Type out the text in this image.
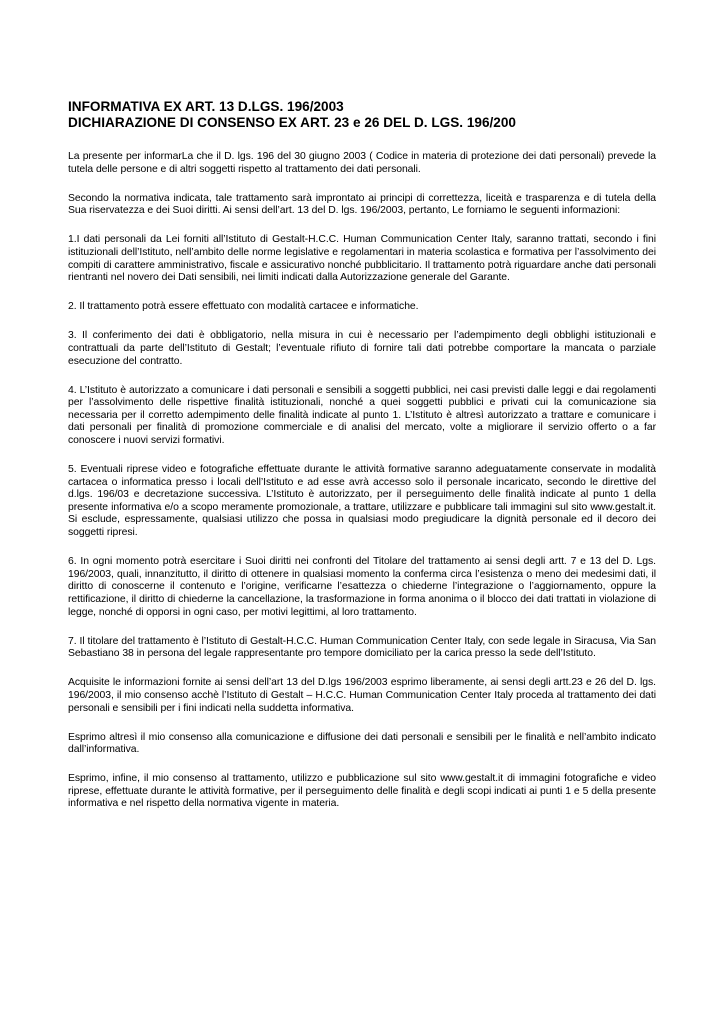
INFORMATIVA EX ART. 13 D.LGS. 196/2003
DICHIARAZIONE DI CONSENSO EX ART. 23 e 26 DEL D. LGS. 196/200

La presente per informarLa che il D. lgs. 196 del 30 giugno 2003 ( Codice in materia di protezione dei dati personali) prevede la tutela delle persone e di altri soggetti rispetto al trattamento dei dati personali.

Secondo la normativa indicata, tale trattamento sarà improntato ai principi di correttezza, liceità e trasparenza e di tutela della Sua riservatezza e dei Suoi diritti. Ai sensi dell’art. 13 del D. lgs. 196/2003, pertanto, Le forniamo le seguenti informazioni:

1.I dati personali da Lei forniti all’Istituto di Gestalt-H.C.C. Human Communication Center Italy, saranno trattati, secondo i fini istituzionali dell’Istituto, nell’ambito delle norme legislative e regolamentari in materia scolastica e formativa per l’assolvimento dei compiti di carattere amministrativo, fiscale e assicurativo nonché pubblicitario. Il trattamento potrà riguardare anche dati personali rientranti nel novero dei Dati sensibili, nei limiti indicati dalla Autorizzazione generale del Garante.

2. Il trattamento potrà essere effettuato con modalità cartacee e informatiche.

3. Il conferimento dei dati è obbligatorio, nella misura in cui è necessario per l’adempimento degli obblighi istituzionali e contrattuali da parte dell’Istituto di Gestalt; l’eventuale rifiuto di fornire tali dati potrebbe comportare la mancata o parziale esecuzione del contratto.

4. L’Istituto è autorizzato a comunicare i dati personali e sensibili a soggetti pubblici, nei casi previsti dalle leggi e dai regolamenti per l’assolvimento delle rispettive finalità istituzionali, nonché a quei soggetti pubblici e privati cui la comunicazione sia necessaria per il corretto adempimento delle finalità indicate al punto 1. L’Istituto è altresì autorizzato a trattare e comunicare i dati personali per finalità di promozione commerciale e di analisi del mercato, volte a migliorare il servizio offerto o a far conoscere i nuovi servizi formativi.

5. Eventuali riprese video e fotografiche effettuate durante le attività formative saranno adeguatamente conservate in modalità cartacea o informatica presso i locali dell’Istituto e ad esse avrà accesso solo il personale incaricato, secondo le direttive del d.lgs. 196/03 e decretazione successiva. L’Istituto è autorizzato, per il perseguimento delle finalità indicate al punto 1 della presente informativa e/o a scopo meramente promozionale, a trattare, utilizzare e pubblicare tali immagini sul sito www.gestalt.it. Si esclude, espressamente, qualsiasi utilizzo che possa in qualsiasi modo pregiudicare la dignità personale ed il decoro dei soggetti ripresi.

6. In ogni momento potrà esercitare i Suoi diritti nei confronti del Titolare del trattamento ai sensi degli artt. 7 e 13 del D. Lgs. 196/2003, quali, innanzitutto, il diritto di ottenere in qualsiasi momento la conferma circa l’esistenza o meno dei medesimi dati, il diritto di conoscerne il contenuto e l’origine, verificarne l’esattezza o chiederne l’integrazione o l’aggiornamento, oppure la rettificazione, il diritto di chiederne la cancellazione, la trasformazione in forma anonima o il blocco dei dati trattati in violazione di legge, nonché di opporsi in ogni caso, per motivi legittimi, al loro trattamento.

7. Il titolare del trattamento è l’Istituto di Gestalt-H.C.C. Human Communication Center Italy, con sede legale in Siracusa, Via San Sebastiano 38 in persona del legale rappresentante pro tempore domiciliato per la carica presso la sede dell’Istituto.

Acquisite le informazioni fornite ai sensi dell’art 13 del D.lgs 196/2003 esprimo liberamente, ai sensi degli artt.23 e 26 del D. lgs. 196/2003, il mio consenso acchè l’Istituto di Gestalt – H.C.C. Human Communication Center Italy proceda al trattamento dei dati personali e sensibili per i fini indicati nella suddetta informativa.

Esprimo altresì il mio consenso alla comunicazione e diffusione dei dati personali e sensibili per le finalità e nell’ambito indicato dall’informativa.

Esprimo, infine, il mio consenso al trattamento, utilizzo e pubblicazione sul sito www.gestalt.it di immagini fotografiche e video riprese, effettuate durante le attività formative, per il perseguimento delle finalità e degli scopi indicati ai punti 1 e 5 della presente informativa e nel rispetto della normativa vigente in materia.
